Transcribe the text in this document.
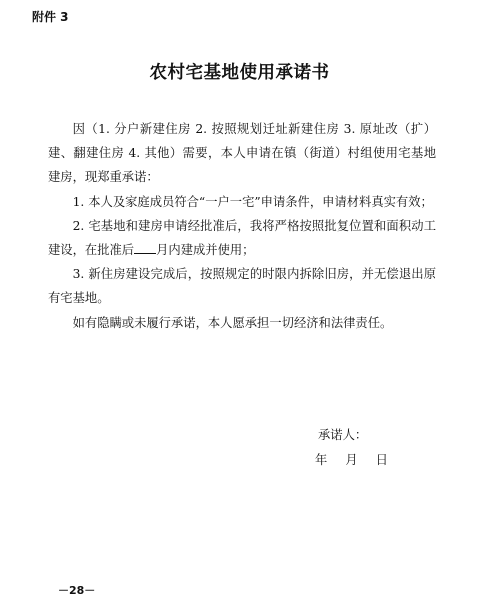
附件 3
农村宅基地使用承诺书

因（1. 分户新建住房 2. 按照规划迁址新建住房 3. 原址改（扩）建、翻建住房 4. 其他）需要，本人申请在镇（街道）村组使用宅基地建房，现郑重承诺：

1. 本人及家庭成员符合“一户一宅”申请条件，申请材料真实有效；

2. 宅基地和建房申请经批准后，我将严格按照批复位置和面积动工建设，在批准后 月内建成并使用；

3. 新住房建设完成后，按照规定的时限内拆除旧房，并无偿退出原有宅基地。

如有隐瞒或未履行承诺，本人愿承担一切经济和法律责任。

承诺人：
年 月 日
－28－
